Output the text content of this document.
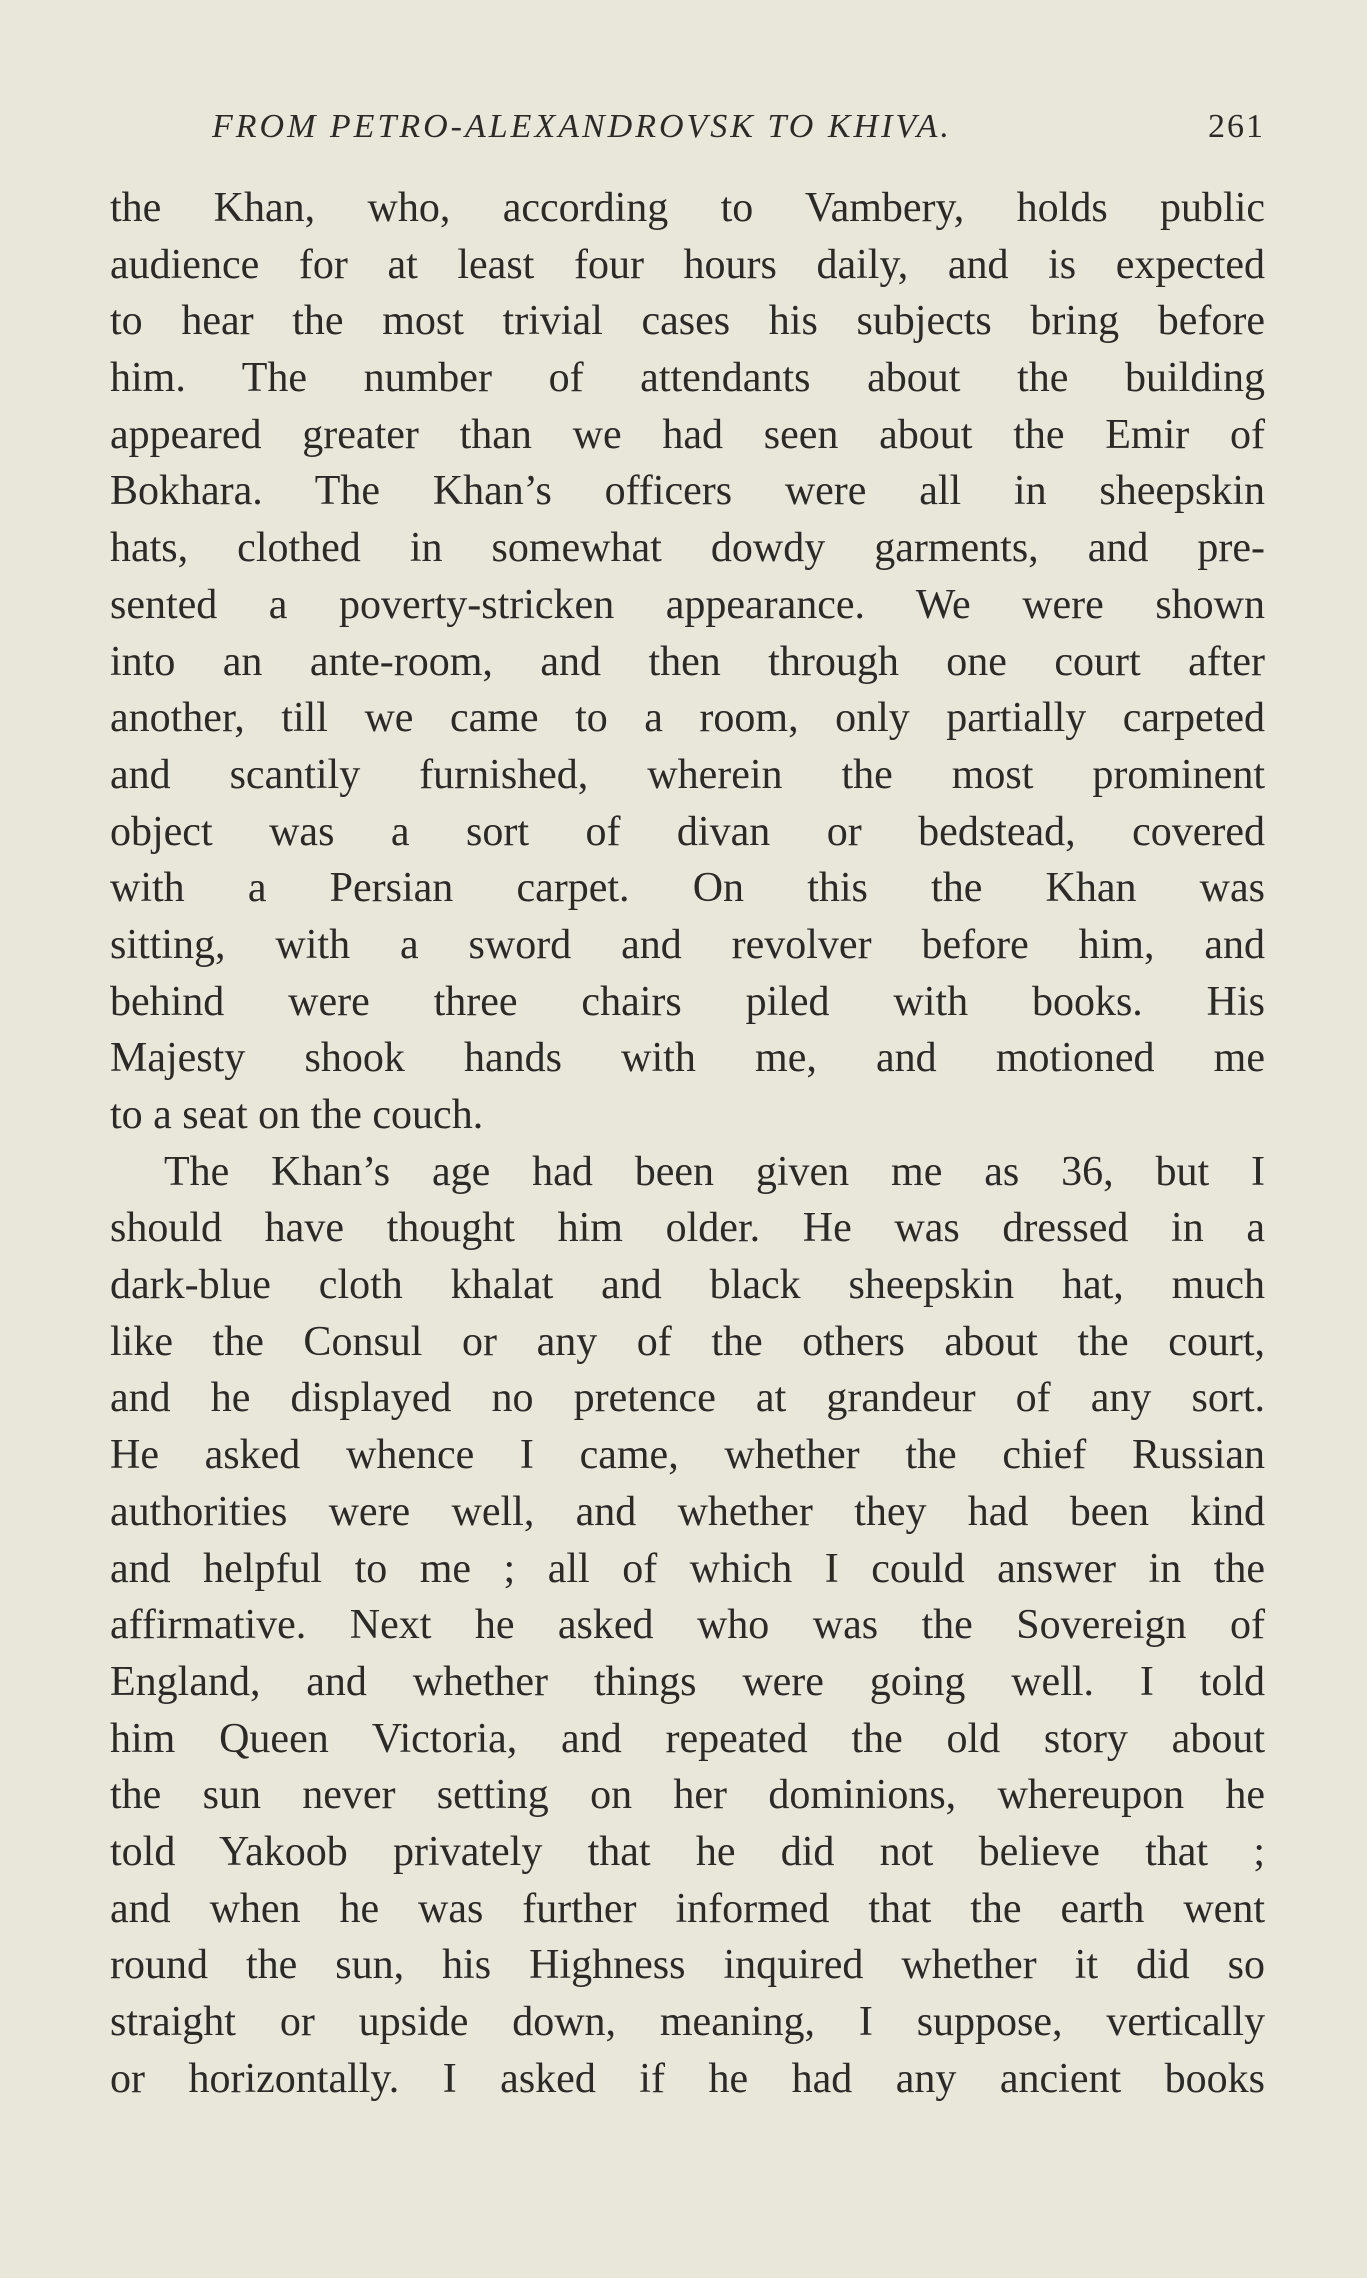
FROM PETRO-ALEXANDROVSK TO KHIVA.	261
the Khan, who, according to Vambery, holds public
audience for at least four hours daily, and is expected
to hear the most trivial cases his subjects bring before
him. The number of attendants about the building
appeared greater than we had seen about the Emir of
Bokhara. The Khan’s officers were all in sheepskin
hats, clothed in somewhat dowdy garments, and pre-
sented a poverty-stricken appearance. We were shown
into an ante-room, and then through one court after
another, till we came to a room, only partially carpeted
and scantily furnished, wherein the most prominent
object was a sort of divan or bedstead, covered
with a Persian carpet. On this the Khan was
sitting, with a sword and revolver before him, and
behind were three chairs piled with books. His
Majesty shook hands with me, and motioned me
to a seat on the couch.
The Khan’s age had been given me as 36, but I
should have thought him older. He was dressed in a
dark-blue cloth khalat and black sheepskin hat, much
like the Consul or any of the others about the court,
and he displayed no pretence at grandeur of any sort.
He asked whence I came, whether the chief Russian
authorities were well, and whether they had been kind
and helpful to me ; all of which I could answer in the
affirmative. Next he asked who was the Sovereign of
England, and whether things were going well. I told
him Queen Victoria, and repeated the old story about
the sun never setting on her dominions, whereupon he
told Yakoob privately that he did not believe that ;
and when he was further informed that the earth went
round the sun, his Highness inquired whether it did so
straight or upside down, meaning, I suppose, vertically
or horizontally. I asked if he had any ancient books
